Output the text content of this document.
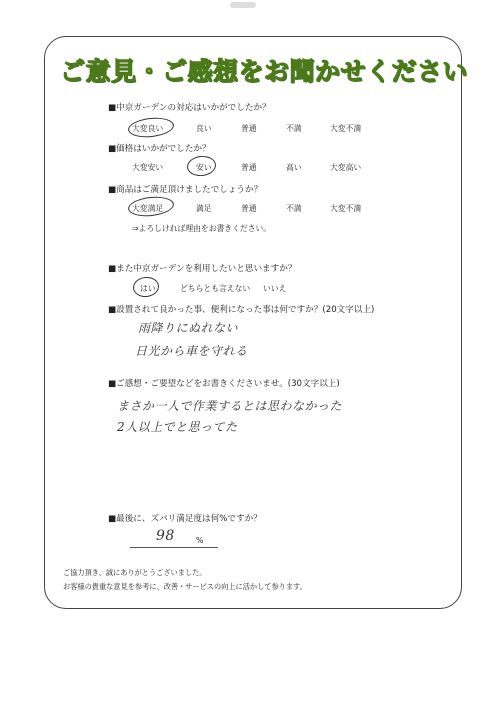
ご意見・ご感想をお聞かせください
■中京ガーデンの対応はいかがでしたか？
大変良い	良い	普通	不満	大変不満
■価格はいかがでしたか？
大変安い	安い	普通	高い	大変高い
■商品はご満足頂けましたでしょうか？
大変満足	満足	普通	不満	大変不満
⇒よろしければ理由をお書きください。
■また中京ガーデンを利用したいと思いますか？
はい	どちらとも言えない いいえ
■設置されて良かった事、便利になった事は何ですか？(20文字以上)
雨降りにぬれない
日光から車を守れる
■ご感想・ご要望などをお書きくださいませ。(30文字以上)
まさか一人で作業するとは思わなかった
2人以上でと思ってた
■最後に、ズバリ満足度は何%ですか？
98	%
ご協力頂き、誠にありがとうございました。
お客様の貴重な意見を参考に、改善・サービスの向上に活かして参ります。
